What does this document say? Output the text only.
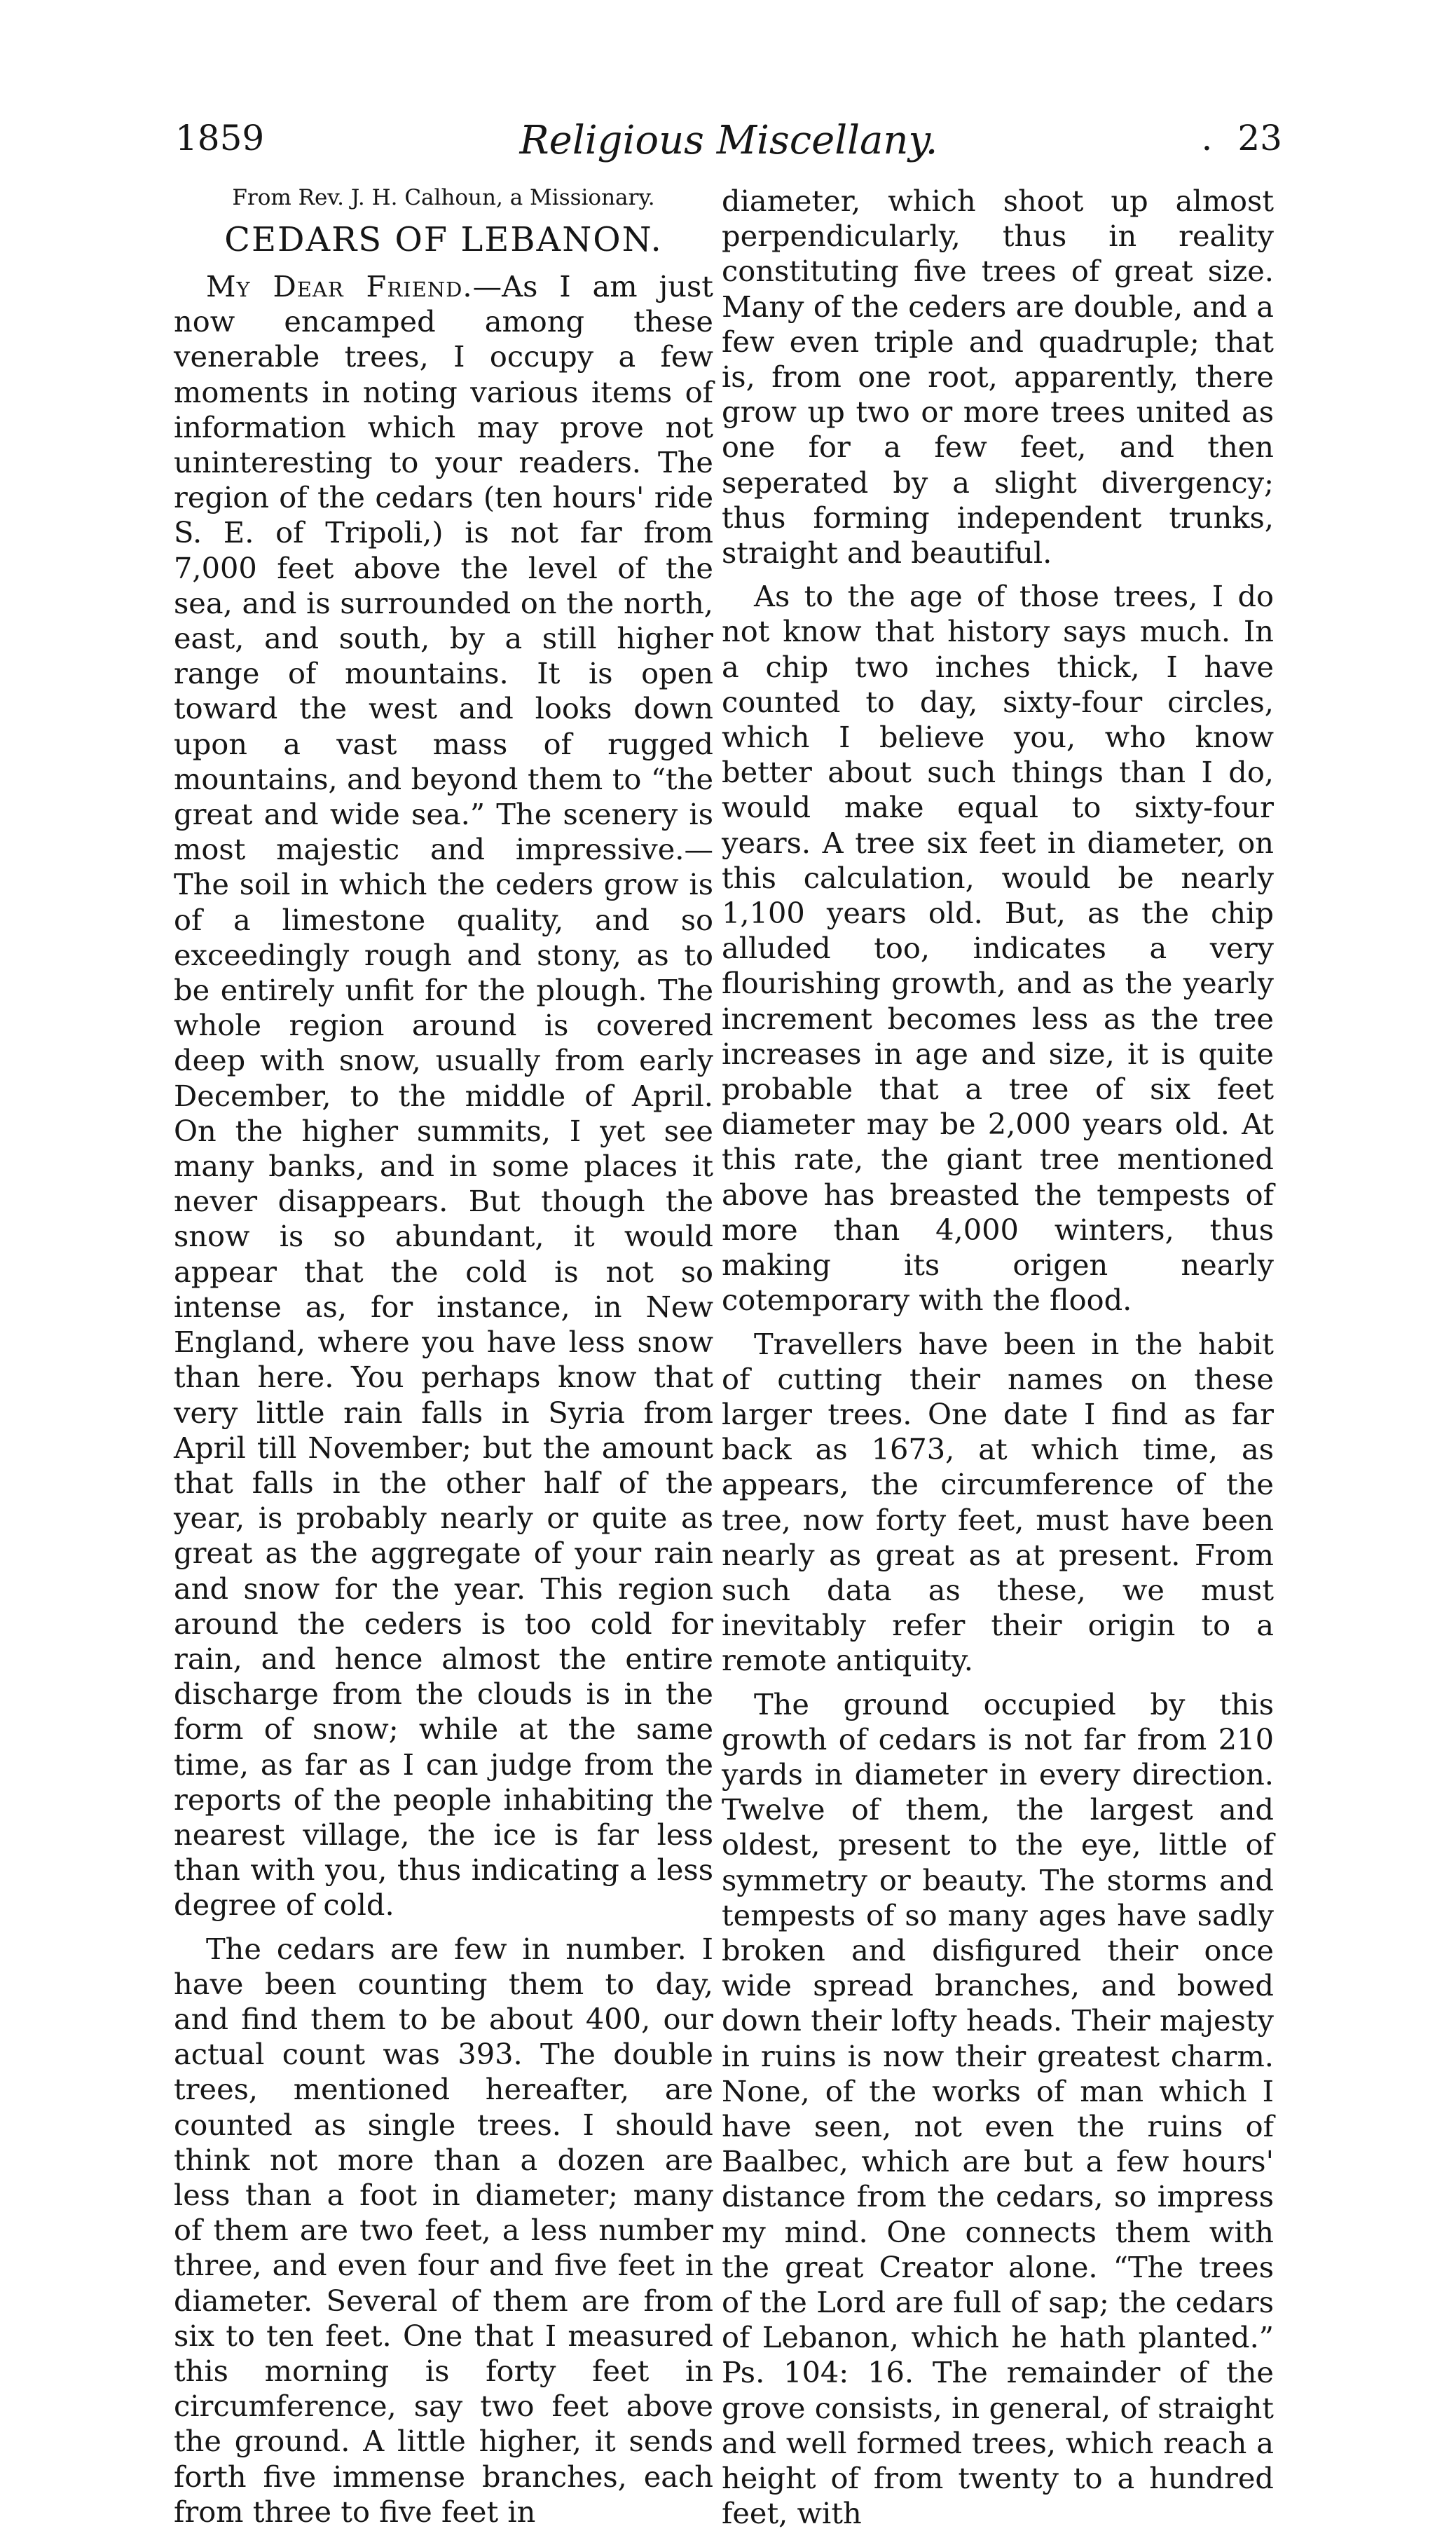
1859	Religious Miscellany.	. 23
From Rev. J. H. Calhoun, a Missionary.
CEDARS OF LEBANON.

My Dear Friend.—As I am just now encamped among these venerable trees, I occupy a few moments in noting various items of information which may prove not uninteresting to your readers. The region of the cedars (ten hours' ride S. E. of Tripoli,) is not far from 7,000 feet above the level of the sea, and is surrounded on the north, east, and south, by a still higher range of mountains. It is open toward the west and looks down upon a vast mass of rugged mountains, and beyond them to “the great and wide sea.” The scenery is most majestic and impressive.— The soil in which the ceders grow is of a limestone quality, and so exceedingly rough and stony, as to be entirely unfit for the plough. The whole region around is covered deep with snow, usually from early December, to the middle of April. On the higher summits, I yet see many banks, and in some places it never disappears. But though the snow is so abundant, it would appear that the cold is not so intense as, for instance, in New England, where you have less snow than here. You perhaps know that very little rain falls in Syria from April till November; but the amount that falls in the other half of the year, is probably nearly or quite as great as the aggregate of your rain and snow for the year. This region around the ceders is too cold for rain, and hence almost the entire discharge from the clouds is in the form of snow; while at the same time, as far as I can judge from the reports of the people inhabiting the nearest village, the ice is far less than with you, thus indicating a less degree of cold.

The cedars are few in number. I have been counting them to day, and find them to be about 400, our actual count was 393. The double trees, mentioned hereafter, are counted as single trees. I should think not more than a dozen are less than a foot in diameter; many of them are two feet, a less number three, and even four and five feet in diameter. Several of them are from six to ten feet. One that I measured this morning is forty feet in circumference, say two feet above the ground. A little higher, it sends forth five immense branches, each from three to five feet in

diameter, which shoot up almost perpendicularly, thus in reality constituting five trees of great size. Many of the ceders are double, and a few even triple and quadruple; that is, from one root, apparently, there grow up two or more trees united as one for a few feet, and then seperated by a slight divergency; thus forming independent trunks, straight and beautiful.

As to the age of those trees, I do not know that history says much. In a chip two inches thick, I have counted to day, sixty-four circles, which I believe you, who know better about such things than I do, would make equal to sixty-four years. A tree six feet in diameter, on this calculation, would be nearly 1,100 years old. But, as the chip alluded too, indicates a very flourishing growth, and as the yearly increment becomes less as the tree increases in age and size, it is quite probable that a tree of six feet diameter may be 2,000 years old. At this rate, the giant tree mentioned above has breasted the tempests of more than 4,000 winters, thus making its origen nearly cotemporary with the flood.

Travellers have been in the habit of cutting their names on these larger trees. One date I find as far back as 1673, at which time, as appears, the circumference of the tree, now forty feet, must have been nearly as great as at present. From such data as these, we must inevitably refer their origin to a remote antiquity.

The ground occupied by this growth of cedars is not far from 210 yards in diameter in every direction. Twelve of them, the largest and oldest, present to the eye, little of symmetry or beauty. The storms and tempests of so many ages have sadly broken and disfigured their once wide spread branches, and bowed down their lofty heads. Their majesty in ruins is now their greatest charm. None, of the works of man which I have seen, not even the ruins of Baalbec, which are but a few hours' distance from the cedars, so impress my mind. One connects them with the great Creator alone. “The trees of the Lord are full of sap; the cedars of Lebanon, which he hath planted.” Ps. 104: 16. The remainder of the grove consists, in general, of straight and well formed trees, which reach a height of from twenty to a hundred feet, with
